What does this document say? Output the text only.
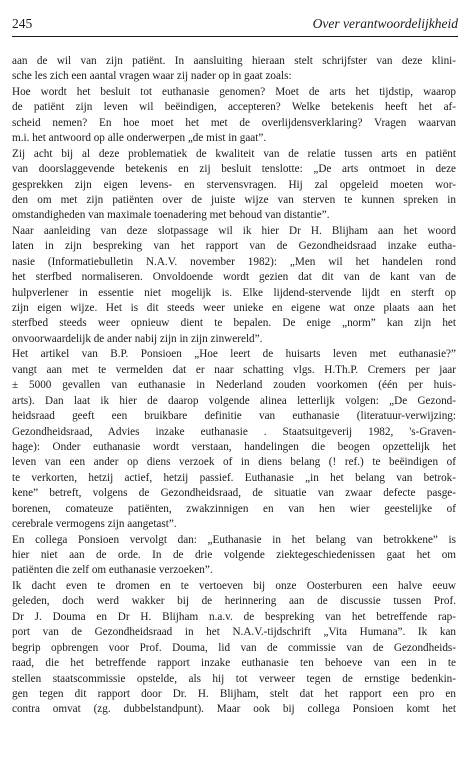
245	Over verantwoordelijkheid
aan de wil van zijn patiënt. In aansluiting hieraan stelt schrijfster van deze klini-
sche les zich een aantal vragen waar zij nader op in gaat zoals:
Hoe wordt het besluit tot euthanasie genomen? Moet de arts het tijdstip, waarop
de patiënt zijn leven wil beëindigen, accepteren? Welke betekenis heeft het af-
scheid nemen? En hoe moet het met de overlijdensverklaring? Vragen waarvan
m.i. het antwoord op alle onderwerpen „de mist in gaat”.
Zij acht bij al deze problematiek de kwaliteit van de relatie tussen arts en patiënt
van doorslaggevende betekenis en zij besluit tenslotte: „De arts ontmoet in deze
gesprekken zijn eigen levens- en stervensvragen. Hij zal opgeleid moeten wor-
den om met zijn patiënten over de juiste wijze van sterven te kunnen spreken in
omstandigheden van maximale toenadering met behoud van distantie”.
Naar aanleiding van deze slotpassage wil ik hier Dr H. Blijham aan het woord
laten in zijn bespreking van het rapport van de Gezondheidsraad inzake eutha-
nasie (Informatiebulletin N.A.V. november 1982): „Men wil het handelen rond
het sterfbed normaliseren. Onvoldoende wordt gezien dat dit van de kant van de
hulpverlener in essentie niet mogelijk is. Elke lijdend-stervende lijdt en sterft op
zijn eigen wijze. Het is dit steeds weer unieke en eigene wat onze plaats aan het
sterfbed steeds weer opnieuw dient te bepalen. De enige „norm” kan zijn het
onvoorwaardelijk de ander nabij zijn in zijn zinwereld”.
Het artikel van B.P. Ponsioen „Hoe leert de huisarts leven met euthanasie?”
vangt aan met te vermelden dat er naar schatting vlgs. H.Th.P. Cremers per jaar
± 5000 gevallen van euthanasie in Nederland zouden voorkomen (één per huis-
arts). Dan laat ik hier de daarop volgende alinea letterlijk volgen: „De Gezond-
heidsraad geeft een bruikbare definitie van euthanasie (literatuur-verwijzing:
Gezondheidsraad, Advies inzake euthanasie . Staatsuitgeverij 1982, 's-Graven-
hage): Onder euthanasie wordt verstaan, handelingen die beogen opzettelijk het
leven van een ander op diens verzoek of in diens belang (! ref.) te beëindigen of
te verkorten, hetzij actief, hetzij passief. Euthanasie „in het belang van betrok-
kene” betreft, volgens de Gezondheidsraad, de situatie van zwaar defecte pasge-
borenen, comateuze patiënten, zwakzinnigen en van hen wier geestelijke of
cerebrale vermogens zijn aangetast”.
En collega Ponsioen vervolgt dan: „Euthanasie in het belang van betrokkene” is
hier niet aan de orde. In de drie volgende ziektegeschiedenissen gaat het om
patiënten die zelf om euthanasie verzoeken”.
Ik dacht even te dromen en te vertoeven bij onze Oosterburen een halve eeuw
geleden, doch werd wakker bij de herinnering aan de discussie tussen Prof.
Dr J. Douma en Dr H. Blijham n.a.v. de bespreking van het betreffende rap-
port van de Gezondheidsraad in het N.A.V.-tijdschrift „Vita Humana”. Ik kan
begrip opbrengen voor Prof. Douma, lid van de commissie van de Gezondheids-
raad, die het betreffende rapport inzake euthanasie ten behoeve van een in te
stellen staatscommissie opstelde, als hij tot verweer tegen de ernstige bedenkin-
gen tegen dit rapport door Dr. H. Blijham, stelt dat het rapport een pro en
contra omvat (zg. dubbelstandpunt). Maar ook bij collega Ponsioen komt het
